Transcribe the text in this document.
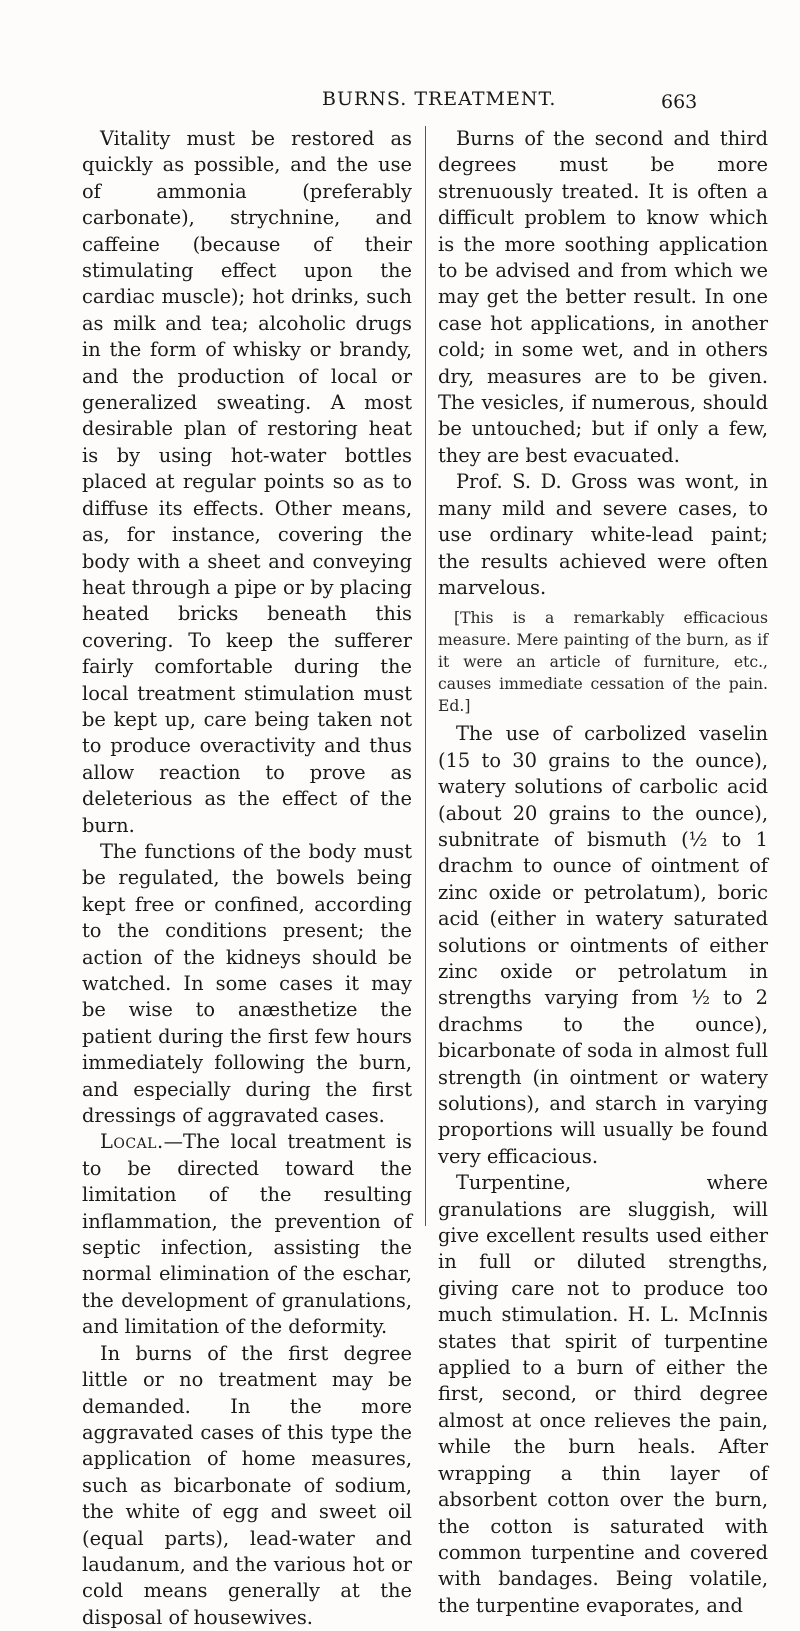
BURNS. TREATMENT.	663

Vitality must be restored as quickly as possible, and the use of ammonia (preferably carbonate), strychnine, and caffeine (because of their stimulating effect upon the cardiac muscle); hot drinks, such as milk and tea; alcoholic drugs in the form of whisky or brandy, and the production of local or generalized sweating. A most desirable plan of restoring heat is by using hot-water bottles placed at regular points so as to diffuse its effects. Other means, as, for instance, covering the body with a sheet and conveying heat through a pipe or by placing heated bricks beneath this covering. To keep the sufferer fairly comfortable during the local treatment stimulation must be kept up, care being taken not to produce overactivity and thus allow reaction to prove as deleterious as the effect of the burn.

The functions of the body must be regulated, the bowels being kept free or confined, according to the conditions present; the action of the kidneys should be watched. In some cases it may be wise to anæsthetize the patient during the first few hours immediately following the burn, and especially during the first dressings of aggravated cases.

Local.—The local treatment is to be directed toward the limitation of the resulting inflammation, the prevention of septic infection, assisting the normal elimination of the eschar, the development of granulations, and limitation of the deformity.

In burns of the first degree little or no treatment may be demanded. In the more aggravated cases of this type the application of home measures, such as bicarbonate of sodium, the white of egg and sweet oil (equal parts), lead-water and laudanum, and the various hot or cold means generally at the disposal of housewives.

Burns of the second and third degrees must be more strenuously treated. It is often a difficult problem to know which is the more soothing application to be advised and from which we may get the better result. In one case hot applications, in another cold; in some wet, and in others dry, measures are to be given. The vesicles, if numerous, should be untouched; but if only a few, they are best evacuated.

Prof. S. D. Gross was wont, in many mild and severe cases, to use ordinary white-lead paint; the results achieved were often marvelous.

[This is a remarkably efficacious measure. Mere painting of the burn, as if it were an article of furniture, etc., causes immediate cessation of the pain. Ed.]

The use of carbolized vaselin (15 to 30 grains to the ounce), watery solutions of carbolic acid (about 20 grains to the ounce), subnitrate of bismuth (½ to 1 drachm to ounce of ointment of zinc oxide or petrolatum), boric acid (either in watery saturated solutions or ointments of either zinc oxide or petrolatum in strengths varying from ½ to 2 drachms to the ounce), bicarbonate of soda in almost full strength (in ointment or watery solutions), and starch in varying proportions will usually be found very efficacious.

Turpentine, where granulations are sluggish, will give excellent results used either in full or diluted strengths, giving care not to produce too much stimulation. H. L. McInnis states that spirit of turpentine applied to a burn of either the first, second, or third degree almost at once relieves the pain, while the burn heals. After wrapping a thin layer of absorbent cotton over the burn, the cotton is saturated with common turpentine and covered with bandages. Being volatile, the turpentine evaporates, and
